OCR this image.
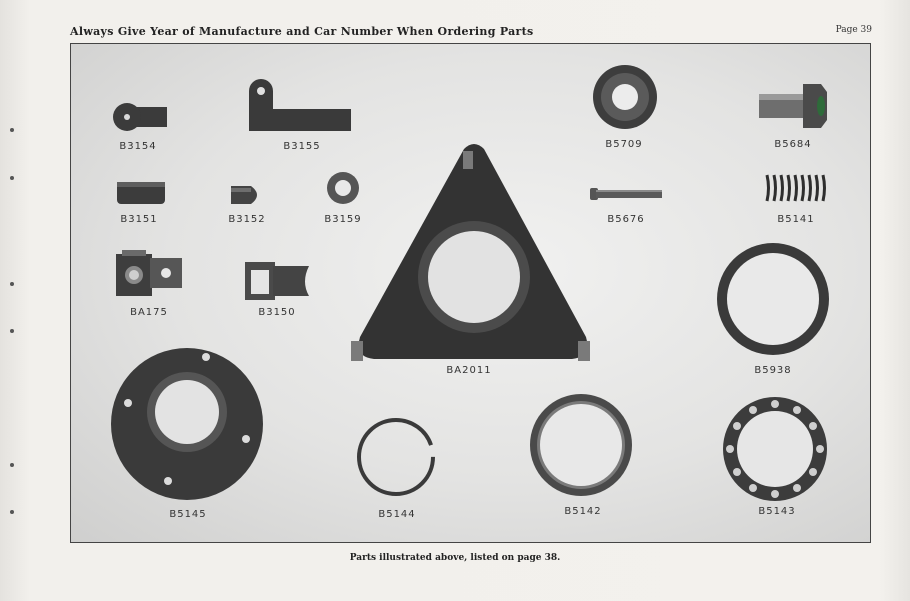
Always Give Year of Manufacture and Car Number When Ordering Parts	Page 39
B3154	B3155	B5709	B5684
B3151	B3152	B3159	B5676	B5141
BA175	B3150
BA2011	B5938
B5145	B5144	B5142	B5143
Parts illustrated above, listed on page 38.
